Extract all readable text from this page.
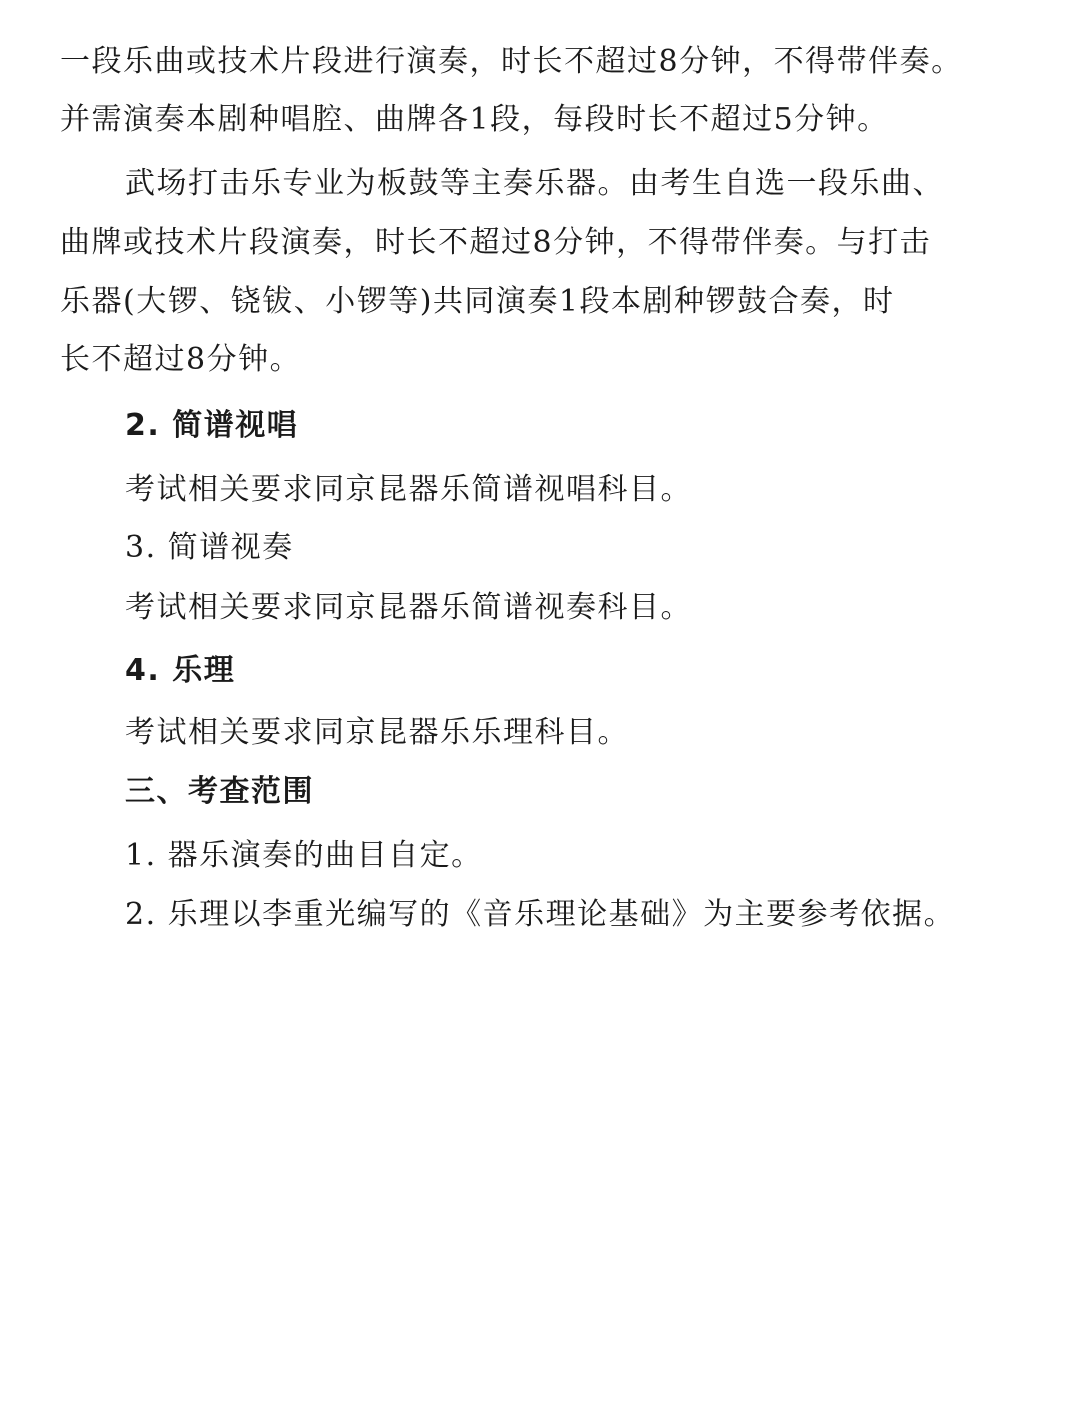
一段乐曲或技术片段进行演奏，时长不超过8分钟，不得带伴奏。
并需演奏本剧种唱腔、曲牌各1段，每段时长不超过5分钟。
武场打击乐专业为板鼓等主奏乐器。由考生自选一段乐曲、
曲牌或技术片段演奏，时长不超过8分钟，不得带伴奏。与打击
乐器(大锣、铙钹、小锣等)共同演奏1段本剧种锣鼓合奏，时
长不超过8分钟。
2. 简谱视唱
考试相关要求同京昆器乐简谱视唱科目。
3. 简谱视奏
考试相关要求同京昆器乐简谱视奏科目。
4. 乐理
考试相关要求同京昆器乐乐理科目。
三、考查范围
1. 器乐演奏的曲目自定。
2. 乐理以李重光编写的《音乐理论基础》为主要参考依据。
